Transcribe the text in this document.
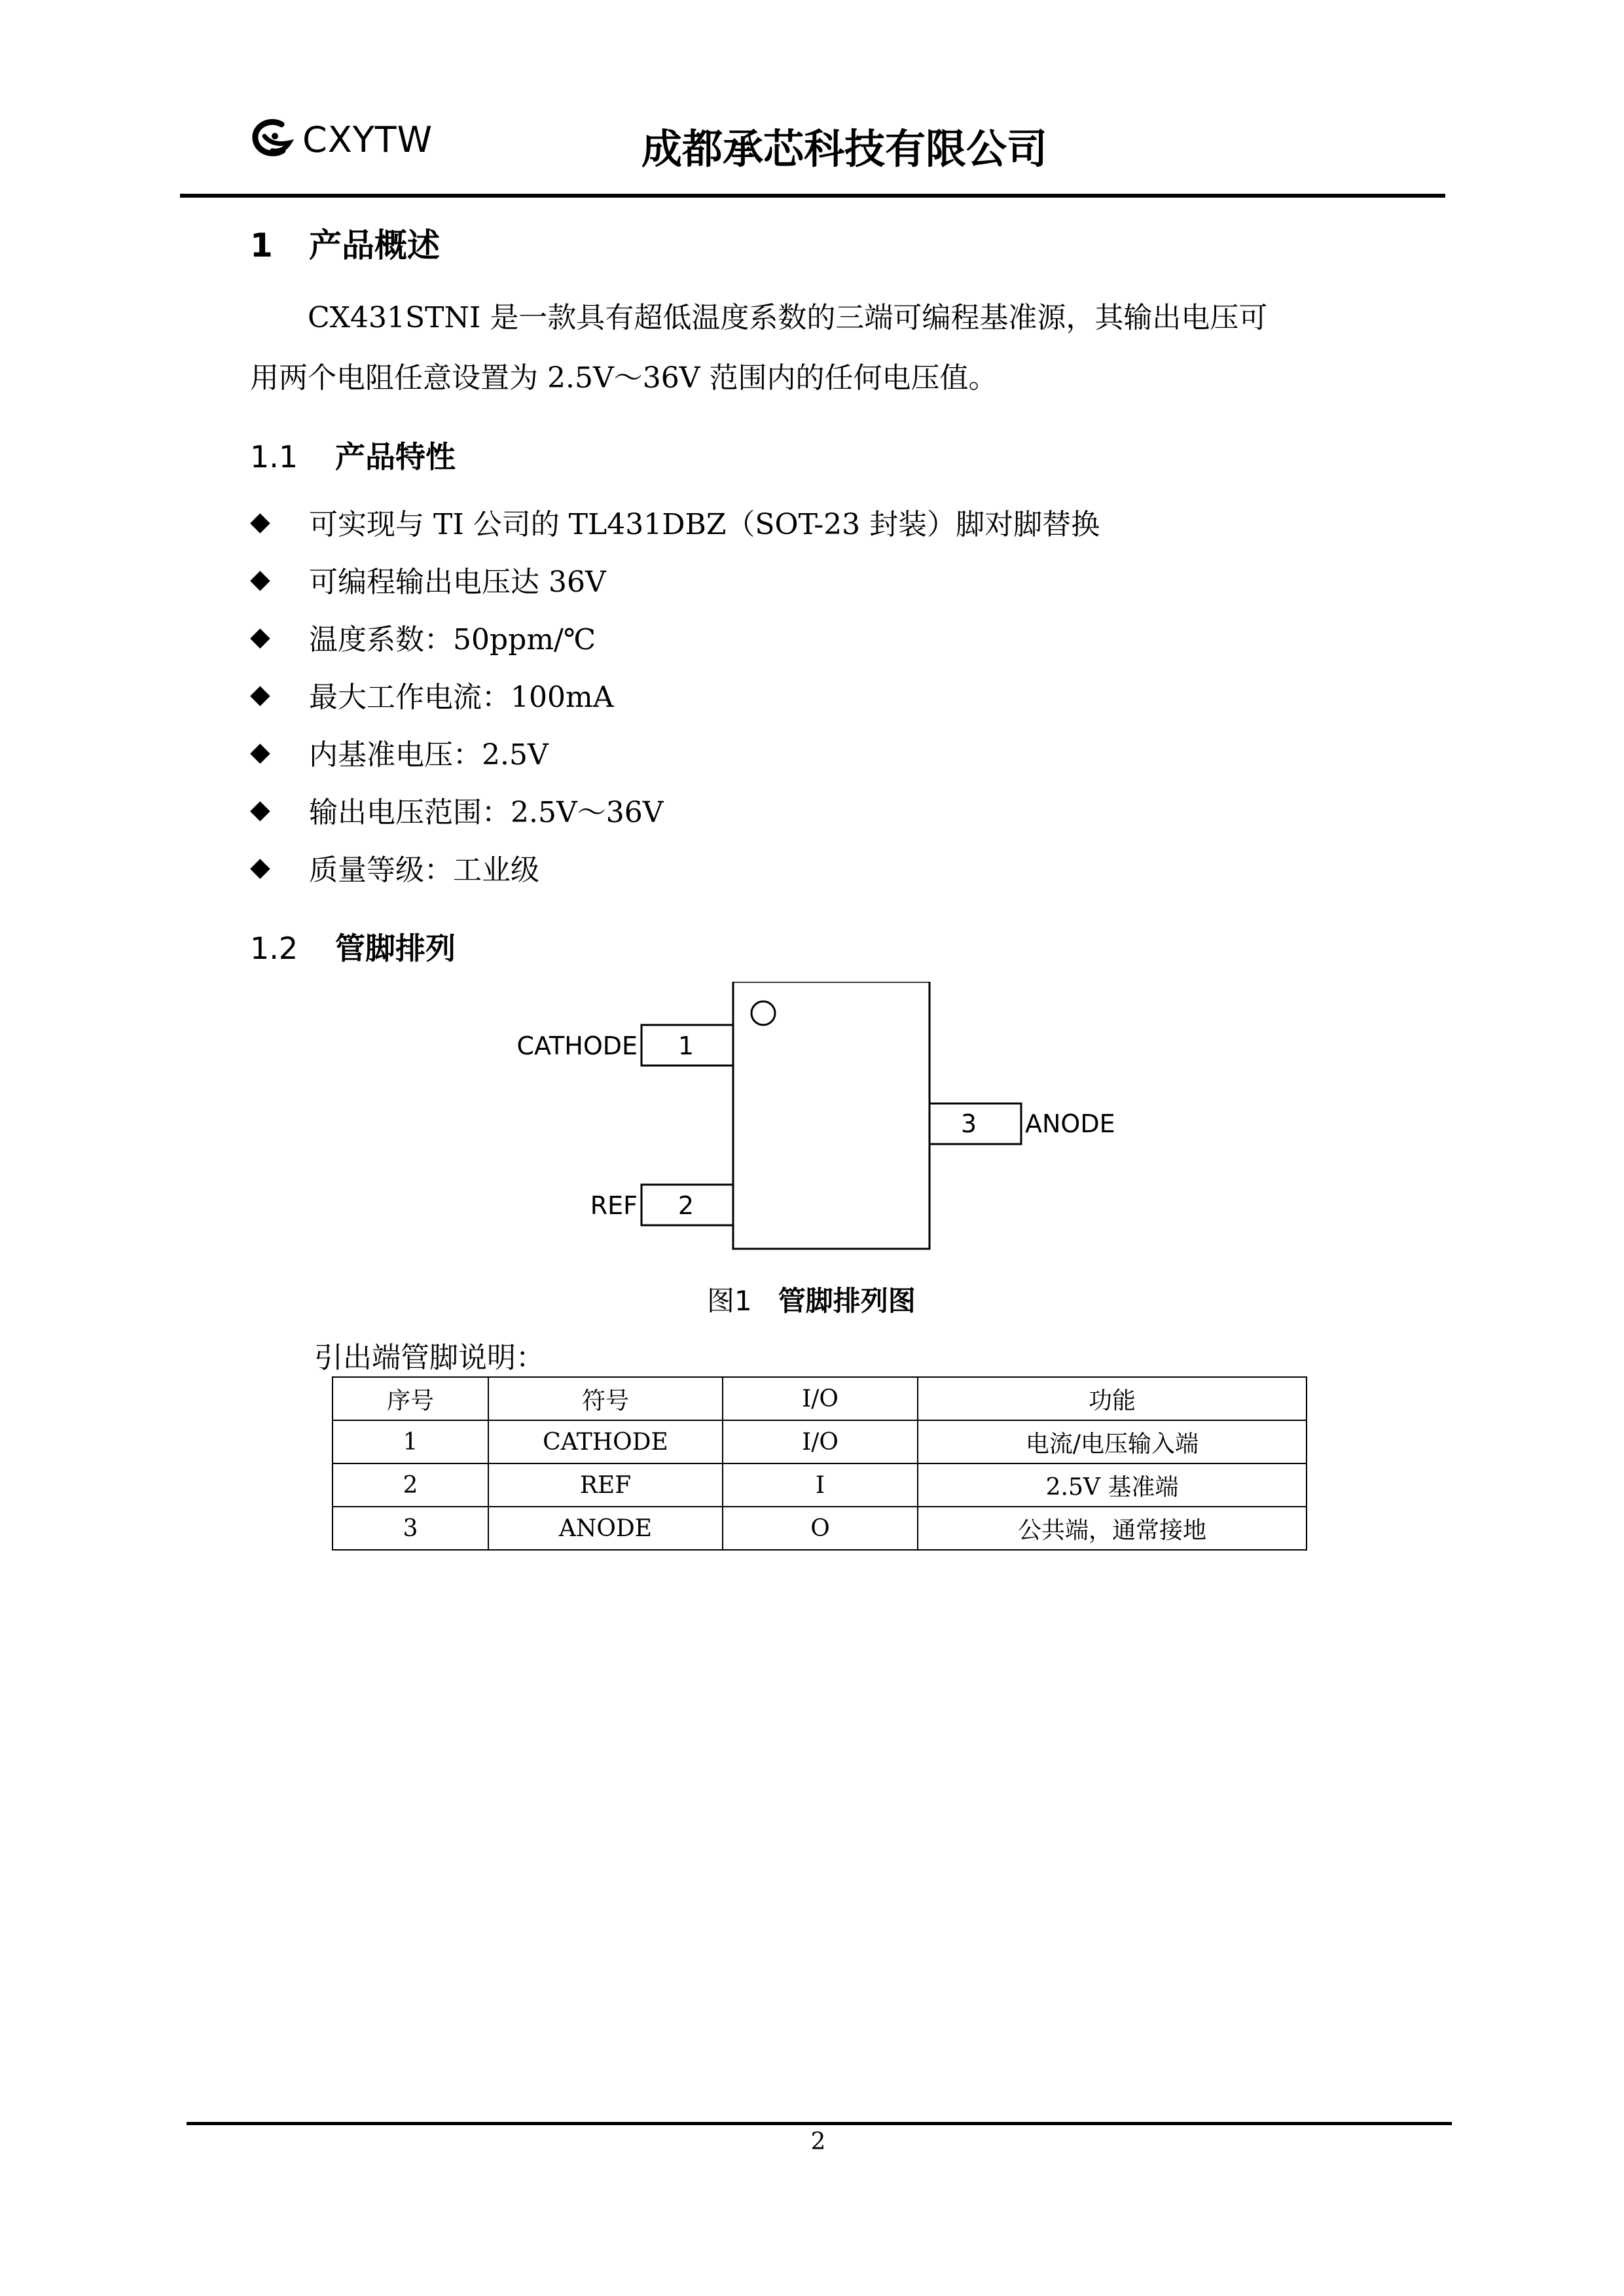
CXYTW	成都承芯科技有限公司
1 产品概述
CX431STNI 是一款具有超低温度系数的三端可编程基准源，其输出电压可
用两个电阻任意设置为 2.5V～36V 范围内的任何电压值。
1.1 产品特性
◆	可实现与 TI 公司的 TL431DBZ（SOT-23 封装）脚对脚替换
◆	可编程输出电压达 36V
◆	温度系数：50ppm/℃
◆	最大工作电流：100mA
◆	内基准电压：2.5V
◆	输出电压范围：2.5V～36V
◆	质量等级：工业级
1.2 管脚排列
1
CATHODE
2
REF
3 ANODE
图1 管脚排列图
引出端管脚说明：
序号	符号	I/O	功能
1	CATHODE	I/O	电流/电压输入端
2	REF	I	2.5V 基准端
3	ANODE	O	公共端，通常接地
2
